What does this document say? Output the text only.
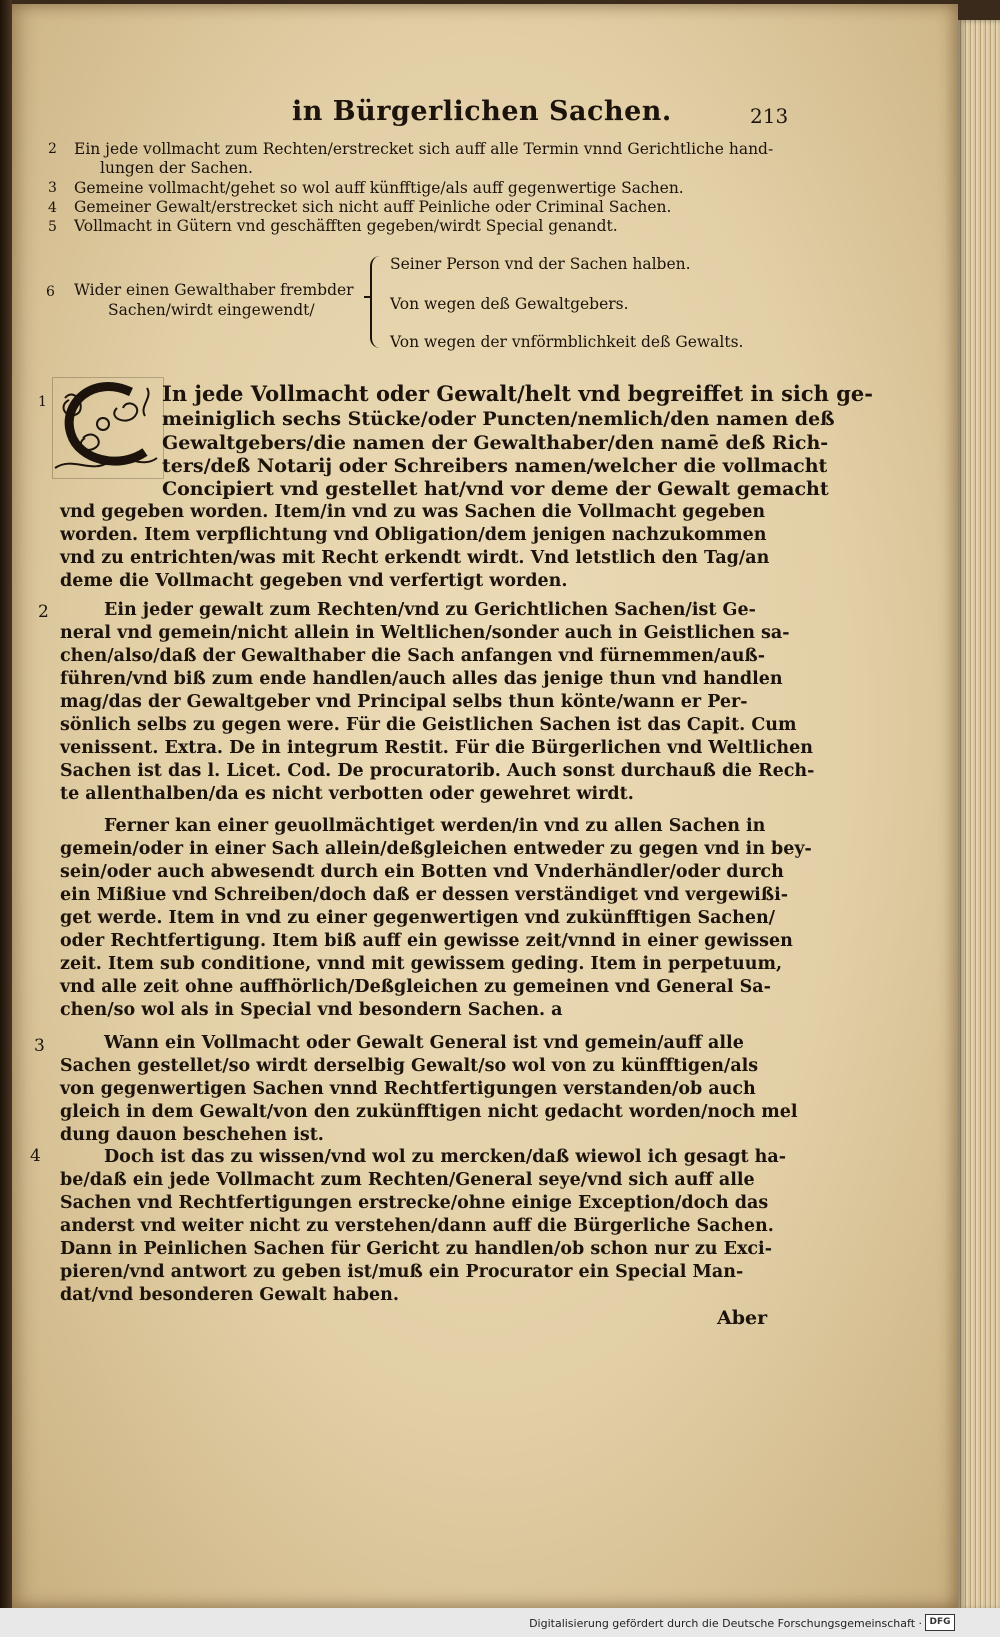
in Bürgerlichen Sachen.	213
2 Ein jede vollmacht zum Rechten/erstrecket sich auff alle Termin vnnd Gerichtliche hand-
lungen der Sachen.
3 Gemeine vollmacht/gehet so wol auff künfftige/als auff gegenwertige Sachen.
4 Gemeiner Gewalt/erstrecket sich nicht auff Peinliche oder Criminal Sachen.
5 Vollmacht in Gütern vnd geschäfften gegeben/wirdt Special genandt.
6 Wider einen Gewalthaber frembder
Sachen/wirdt eingewendt/
Seiner Person vnd der Sachen halben.
Von wegen deß Gewaltgebers.
Von wegen der vnförmblichkeit deß Gewalts.
1	In jede Vollmacht oder Gewalt/helt vnd begreiffet in sich ge-
meiniglich sechs Stücke/oder Puncten/nemlich/den namen deß
Gewaltgebers/die namen der Gewalthaber/den namē deß Rich-
ters/deß Notarij oder Schreibers namen/welcher die vollmacht
Concipiert vnd gestellet hat/vnd vor deme der Gewalt gemacht
vnd gegeben worden. Item/in vnd zu was Sachen die Vollmacht gegeben
worden. Item verpflichtung vnd Obligation/dem jenigen nachzukommen
vnd zu entrichten/was mit Recht erkendt wirdt. Vnd letstlich den Tag/an
deme die Vollmacht gegeben vnd verfertigt worden.
2	Ein jeder gewalt zum Rechten/vnd zu Gerichtlichen Sachen/ist Ge-
neral vnd gemein/nicht allein in Weltlichen/sonder auch in Geistlichen sa-
chen/also/daß der Gewalthaber die Sach anfangen vnd fürnemmen/auß-
führen/vnd biß zum ende handlen/auch alles das jenige thun vnd handlen
mag/das der Gewaltgeber vnd Principal selbs thun könte/wann er Per-
sönlich selbs zu gegen were. Für die Geistlichen Sachen ist das Capit. Cum
venissent. Extra. De in integrum Restit. Für die Bürgerlichen vnd Weltlichen
Sachen ist das l. Licet. Cod. De procuratorib. Auch sonst durchauß die Rech-
te allenthalben/da es nicht verbotten oder gewehret wirdt.
Ferner kan einer geuollmächtiget werden/in vnd zu allen Sachen in
gemein/oder in einer Sach allein/deßgleichen entweder zu gegen vnd in bey-
sein/oder auch abwesendt durch ein Botten vnd Vnderhändler/oder durch
ein Mißiue vnd Schreiben/doch daß er dessen verständiget vnd vergewißi-
get werde. Item in vnd zu einer gegenwertigen vnd zukünfftigen Sachen/
oder Rechtfertigung. Item biß auff ein gewisse zeit/vnnd in einer gewissen
zeit. Item sub conditione, vnnd mit gewissem geding. Item in perpetuum,
vnd alle zeit ohne auffhörlich/Deßgleichen zu gemeinen vnd General Sa-
chen/so wol als in Special vnd besondern Sachen. a
3	Wann ein Vollmacht oder Gewalt General ist vnd gemein/auff alle
Sachen gestellet/so wirdt derselbig Gewalt/so wol von zu künfftigen/als
von gegenwertigen Sachen vnnd Rechtfertigungen verstanden/ob auch
gleich in dem Gewalt/von den zukünfftigen nicht gedacht worden/noch mel
dung dauon beschehen ist.
4	Doch ist das zu wissen/vnd wol zu mercken/daß wiewol ich gesagt ha-
be/daß ein jede Vollmacht zum Rechten/General seye/vnd sich auff alle
Sachen vnd Rechtfertigungen erstrecke/ohne einige Exception/doch das
anderst vnd weiter nicht zu verstehen/dann auff die Bürgerliche Sachen.
Dann in Peinlichen Sachen für Gericht zu handlen/ob schon nur zu Exci-
pieren/vnd antwort zu geben ist/muß ein Procurator ein Special Man-
dat/vnd besonderen Gewalt haben.
Aber
Digitalisierung gefördert durch die Deutsche Forschungsgemeinschaft · DFG
